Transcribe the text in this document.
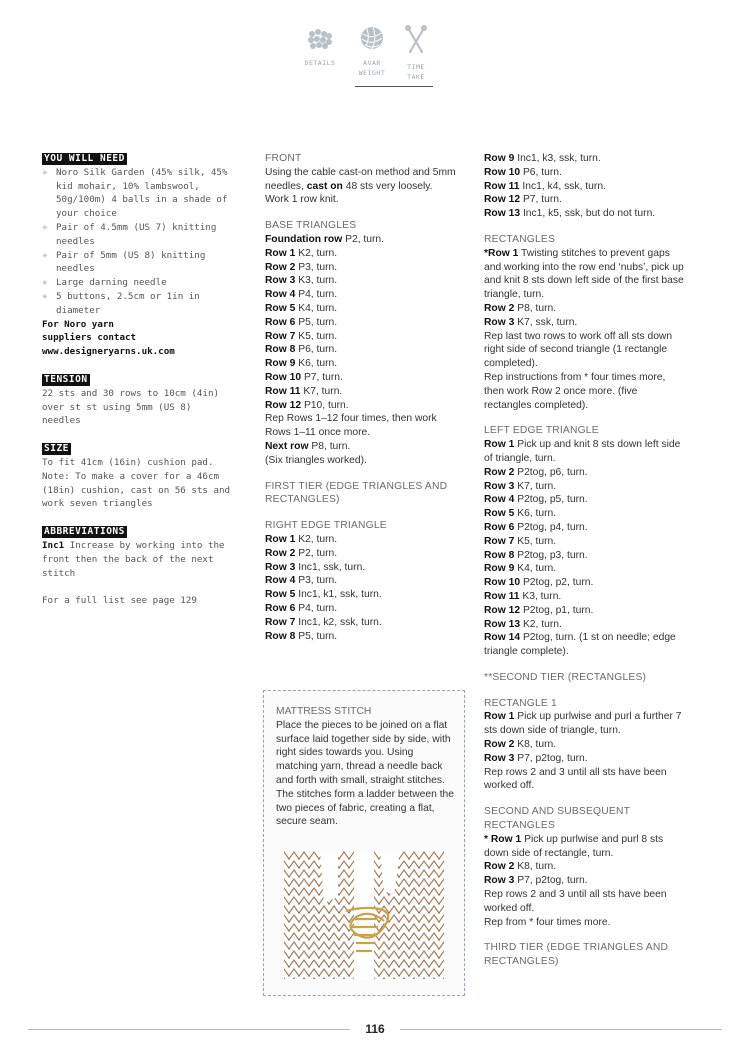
DETAILS	AVAR
WEIGHT
TIME
TAKE
YOU WILL NEED
✳ Noro Silk Garden (45% silk, 45% kid mohair, 10% lambswool, 50g/100m) 4 balls in a shade of your choice
✳ Pair of 4.5mm (US 7) knitting needles
✳ Pair of 5mm (US 8) knitting needles
✳ Large darning needle
✳ 5 buttons, 2.5cm or 1in in diameter
For Noro yarn
suppliers contact
www.designeryarns.uk.com
TENSION
22 sts and 30 rows to 10cm (4in) over st st using 5mm (US 8) needles
SIZE
To fit 41cm (16in) cushion pad. Note: To make a cover for a 46cm (18in) cushion, cast on 56 sts and work seven triangles
ABBREVIATIONS
Inc1 Increase by working into the front then the back of the next stitch
For a full list see page 129

FRONT

Using the cable cast-on method and 5mm needles, cast on 48 sts very loosely.

Work 1 row knit.

BASE TRIANGLES

Foundation row P2, turn.

Row 1 K2, turn.

Row 2 P3, turn.

Row 3 K3, turn.

Row 4 P4, turn.

Row 5 K4, turn.

Row 6 P5, turn.

Row 7 K5, turn.

Row 8 P6, turn.

Row 9 K6, turn.

Row 10 P7, turn.

Row 11 K7, turn.

Row 12 P10, turn.

Rep Rows 1–12 four times, then work Rows 1–11 once more.

Next row P8, turn.

(Six triangles worked).

FIRST TIER (EDGE TRIANGLES AND RECTANGLES)

RIGHT EDGE TRIANGLE

Row 1 K2, turn.

Row 2 P2, turn.

Row 3 Inc1, ssk, turn.

Row 4 P3, turn.

Row 5 Inc1, k1, ssk, turn.

Row 6 P4, turn.

Row 7 Inc1, k2, ssk, turn.

Row 8 P5, turn.

MATTRESS STITCH
Place the pieces to be joined on a flat surface laid together side by side, with right sides towards you. Using matching yarn, thread a needle back and forth with small, straight stitches. The stitches form a ladder between the two pieces of fabric, creating a flat, secure seam.

Row 9 Inc1, k3, ssk, turn.

Row 10 P6, turn.

Row 11 Inc1, k4, ssk, turn.

Row 12 P7, turn.

Row 13 Inc1, k5, ssk, but do not turn.

RECTANGLES

*Row 1 Twisting stitches to prevent gaps and working into the row end ‘nubs’, pick up and knit 8 sts down left side of the first base triangle, turn.

Row 2 P8, turn.

Row 3 K7, ssk, turn.

Rep last two rows to work off all sts down right side of second triangle (1 rectangle completed).

Rep instructions from * four times more, then work Row 2 once more. (five rectangles completed).

LEFT EDGE TRIANGLE

Row 1 Pick up and knit 8 sts down left side of triangle, turn.

Row 2 P2tog, p6, turn.

Row 3 K7, turn.

Row 4 P2tog, p5, turn.

Row 5 K6, turn.

Row 6 P2tog, p4, turn.

Row 7 K5, turn.

Row 8 P2tog, p3, turn.

Row 9 K4, turn.

Row 10 P2tog, p2, turn.

Row 11 K3, turn.

Row 12 P2tog, p1, turn.

Row 13 K2, turn.

Row 14 P2tog, turn. (1 st on needle; edge triangle complete).

**SECOND TIER (RECTANGLES)

RECTANGLE 1

Row 1 Pick up purlwise and purl a further 7 sts down side of triangle, turn.

Row 2 K8, turn.

Row 3 P7, p2tog, turn.

Rep rows 2 and 3 until all sts have been worked off.

SECOND AND SUBSEQUENT RECTANGLES

* Row 1 Pick up purlwise and purl 8 sts down side of rectangle, turn.

Row 2 K8, turn.

Row 3 P7, p2tog, turn.

Rep rows 2 and 3 until all sts have been worked off.

Rep from * four times more.

THIRD TIER (EDGE TRIANGLES AND RECTANGLES)

116
